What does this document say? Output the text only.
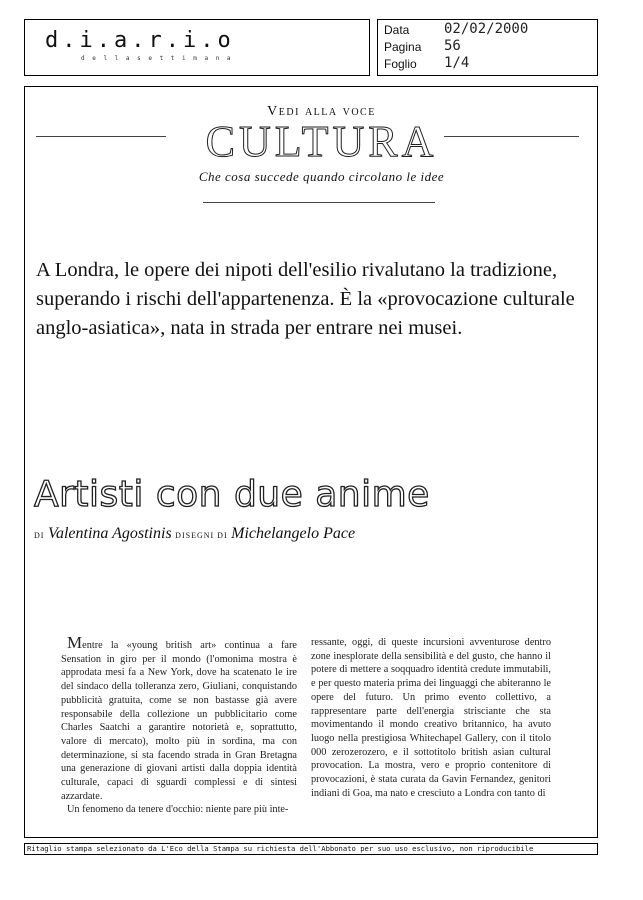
d.i.a.r.i.o
d e l l a s e t t i m a n a
Data 02/02/2000
Pagina 56
Foglio 1/4
Vedi alla voce
CULTURA
Che cosa succede quando circolano le idee
A Londra, le opere dei nipoti dell'esilio rivalutano la tradizione, superando i rischi dell'appartenenza. È la «provocazione culturale anglo-asiatica», nata in strada per entrare nei musei.
Artisti con due anime
DI Valentina Agostinis DISEGNI DI Michelangelo Pace
Mentre la «young british art» continua a fare Sensation in giro per il mondo (l'omonima mostra è approdata mesi fa a New York, dove ha scatenato le ire del sindaco della tolleranza zero, Giuliani, conquistando pubblicità gratuita, come se non bastasse già avere responsabile della collezione un pubblicitario come Charles Saatchi a garantire notorietà e, soprattutto, valore di mercato), molto più in sordina, ma con determinazione, si sta facendo strada in Gran Bretagna una generazione di giovani artisti dalla doppia identità culturale, capaci di sguardi complessi e di sintesi azzardate.
Un fenomeno da tenere d'occhio: niente pare più inte-
ressante, oggi, di queste incursioni avventurose dentro zone inesplorate della sensibilità e del gusto, che hanno il potere di mettere a soqquadro identità credute immutabili, e per questo materia prima dei linguaggi che abiteranno le opere del futuro. Un primo evento collettivo, a rappresentare parte dell'energia strisciante che sta movimentando il mondo creativo britannico, ha avuto luogo nella prestigiosa Whitechapel Gallery, con il titolo 000 zerozerozero, e il sottotitolo british asian cultural provocation. La mostra, vero e proprio contenitore di provocazioni, è stata curata da Gavin Fernandez, genitori indiani di Goa, ma nato e cresciuto a Londra con tanto di
Ritaglio stampa selezionato da L'Eco della Stampa su richiesta dell'Abbonato per suo uso esclusivo, non riproducibile
